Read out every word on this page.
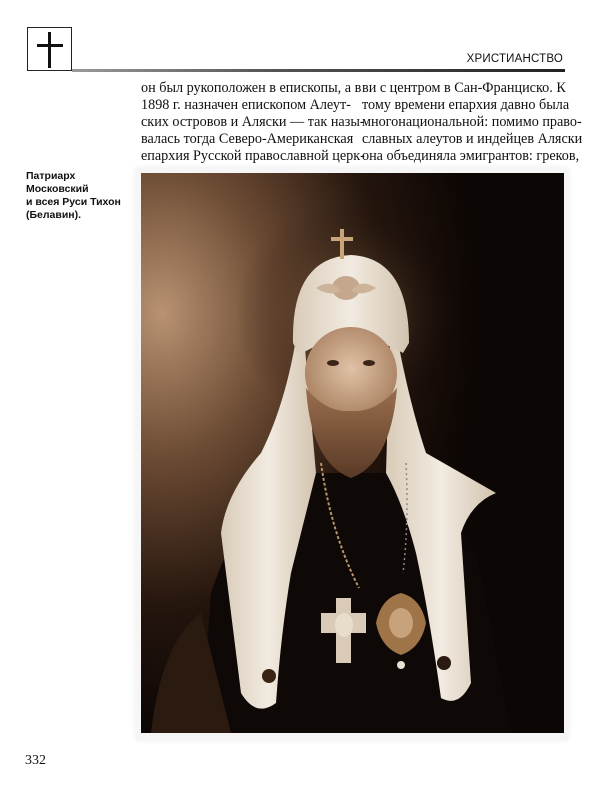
ХРИСТИАНСТВО
он был рукоположен в епископы, а в
1898 г. назначен епископом Алеут-
ских островов и Аляски — так назы-
валась тогда Северо-Американская
епархия Русской православной церк-
ви с центром в Сан-Франциско. К
тому времени епархия давно была
многонациональной: помимо право-
славных алеутов и индейцев Аляски
она объединяла эмигрантов: греков,
Патриарх Московский
и всея Руси Тихон
(Белавин).
332
